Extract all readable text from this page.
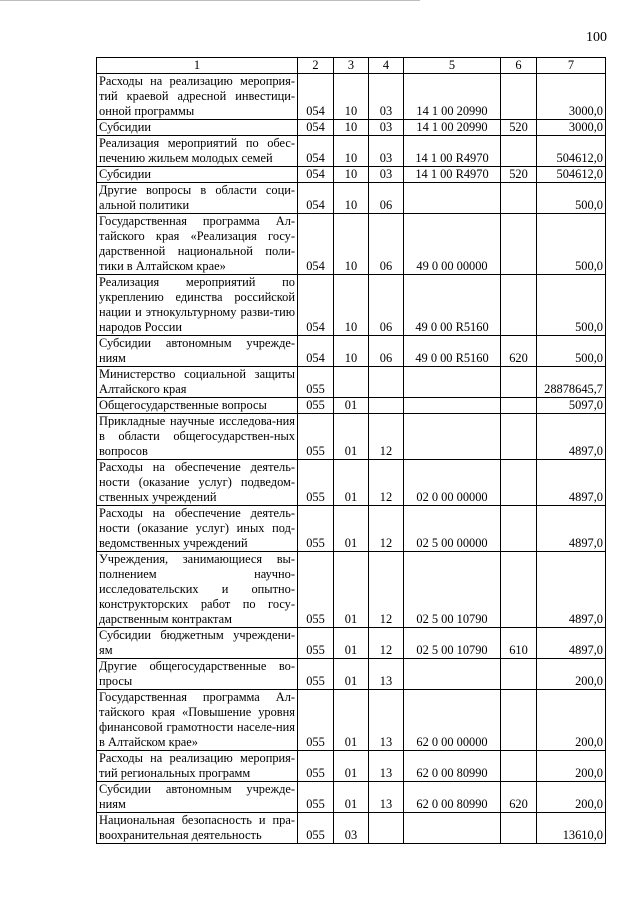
100
1	2	3	4	5	6	7
Расходы на реализацию мероприя-тий краевой адресной инвестици-онной программы	054	10	03	14 1 00 20990		3000,0
Субсидии	054	10	03	14 1 00 20990	520	3000,0
Реализация мероприятий по обес-печению жильем молодых семей	054	10	03	14 1 00 R4970		504612,0
Субсидии	054	10	03	14 1 00 R4970	520	504612,0
Другие вопросы в области соци-альной политики	054	10	06			500,0
Государственная программа Ал-тайского края «Реализация госу-дарственной национальной поли-тики в Алтайском крае»	054	10	06	49 0 00 00000		500,0
Реализация мероприятий по укреплению единства российской нации и этнокультурному разви-тию народов России	054	10	06	49 0 00 R5160		500,0
Субсидии автономным учрежде-ниям	054	10	06	49 0 00 R5160	620	500,0
Министерство социальной защиты Алтайского края	055					28878645,7
Общегосударственные вопросы	055	01				5097,0
Прикладные научные исследова-ния в области общегосударствен-ных вопросов	055	01	12			4897,0
Расходы на обеспечение деятель-ности (оказание услуг) подведом-ственных учреждений	055	01	12	02 0 00 00000		4897,0
Расходы на обеспечение деятель-ности (оказание услуг) иных под-ведомственных учреждений	055	01	12	02 5 00 00000		4897,0
Учреждения, занимающиеся вы-полнением научно-исследовательских и опытно-конструкторских работ по госу-дарственным контрактам	055	01	12	02 5 00 10790		4897,0
Субсидии бюджетным учреждени-ям	055	01	12	02 5 00 10790	610	4897,0
Другие общегосударственные во-просы	055	01	13			200,0
Государственная программа Ал-тайского края «Повышение уровня финансовой грамотности населе-ния в Алтайском крае»	055	01	13	62 0 00 00000		200,0
Расходы на реализацию мероприя-тий региональных программ	055	01	13	62 0 00 80990		200,0
Субсидии автономным учрежде-ниям	055	01	13	62 0 00 80990	620	200,0
Национальная безопасность и пра-воохранительная деятельность	055	03				13610,0
